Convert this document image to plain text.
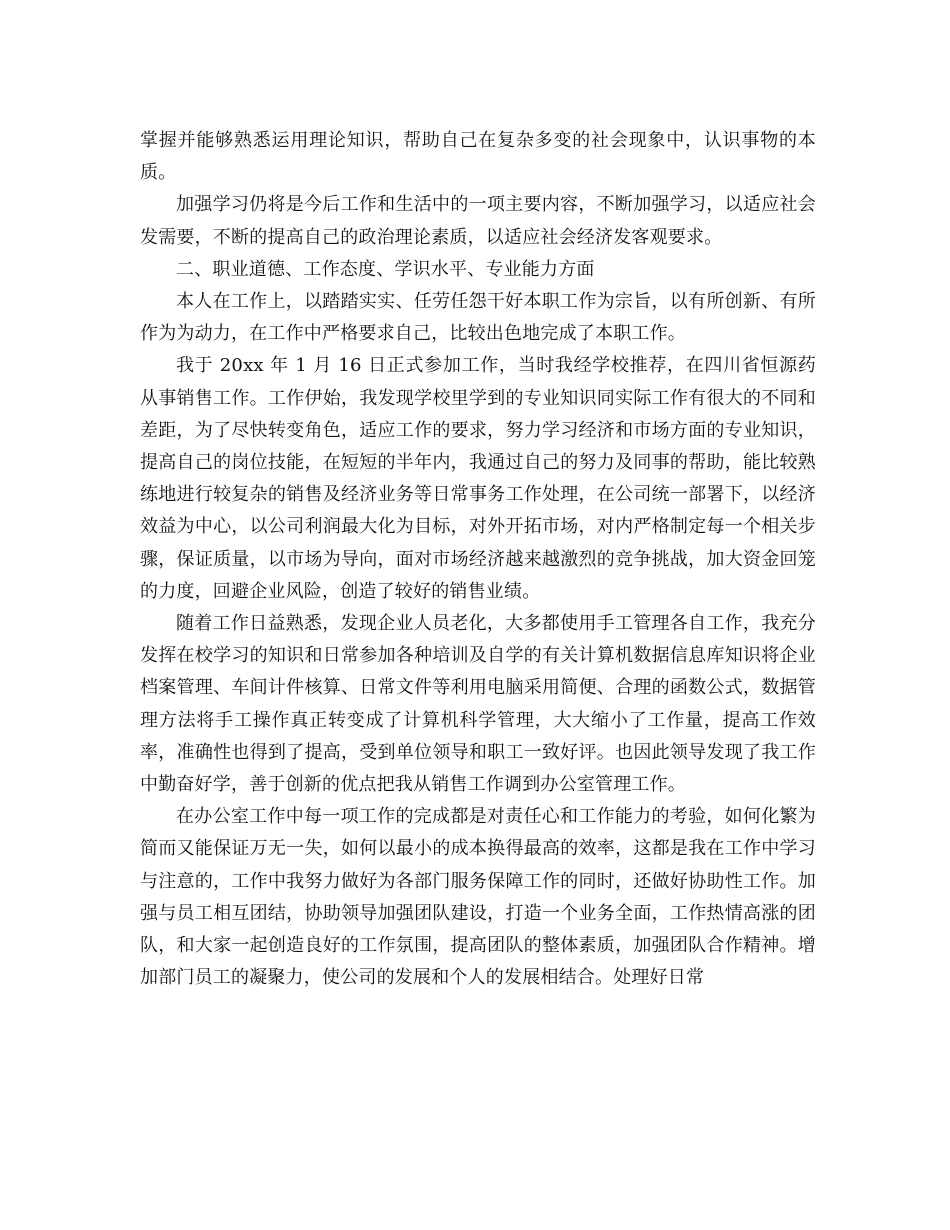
掌握并能够熟悉运用理论知识，帮助自己在复杂多变的社会现象中，认识事物的本质。

加强学习仍将是今后工作和生活中的一项主要内容，不断加强学习，以适应社会发需要，不断的提高自己的政治理论素质，以适应社会经济发客观要求。

二、职业道德、工作态度、学识水平、专业能力方面

本人在工作上，以踏踏实实、任劳任怨干好本职工作为宗旨，以有所创新、有所作为为动力，在工作中严格要求自己，比较出色地完成了本职工作。

我于 20xx 年 1 月 16 日正式参加工作，当时我经学校推荐，在四川省恒源药从事销售工作。工作伊始，我发现学校里学到的专业知识同实际工作有很大的不同和差距，为了尽快转变角色，适应工作的要求，努力学习经济和市场方面的专业知识，提高自己的岗位技能，在短短的半年内，我通过自己的努力及同事的帮助，能比较熟练地进行较复杂的销售及经济业务等日常事务工作处理，在公司统一部署下，以经济效益为中心，以公司利润最大化为目标，对外开拓市场，对内严格制定每一个相关步骤，保证质量，以市场为导向，面对市场经济越来越激烈的竞争挑战，加大资金回笼的力度，回避企业风险，创造了较好的销售业绩。

随着工作日益熟悉，发现企业人员老化，大多都使用手工管理各自工作，我充分发挥在校学习的知识和日常参加各种培训及自学的有关计算机数据信息库知识将企业档案管理、车间计件核算、日常文件等利用电脑采用简便、合理的函数公式，数据管理方法将手工操作真正转变成了计算机科学管理，大大缩小了工作量，提高工作效率，准确性也得到了提高，受到单位领导和职工一致好评。也因此领导发现了我工作中勤奋好学，善于创新的优点把我从销售工作调到办公室管理工作。

在办公室工作中每一项工作的完成都是对责任心和工作能力的考验，如何化繁为简而又能保证万无一失，如何以最小的成本换得最高的效率，这都是我在工作中学习与注意的，工作中我努力做好为各部门服务保障工作的同时，还做好协助性工作。加强与员工相互团结，协助领导加强团队建设，打造一个业务全面，工作热情高涨的团队，和大家一起创造良好的工作氛围，提高团队的整体素质，加强团队合作精神。增加部门员工的凝聚力，使公司的发展和个人的发展相结合。处理好日常
